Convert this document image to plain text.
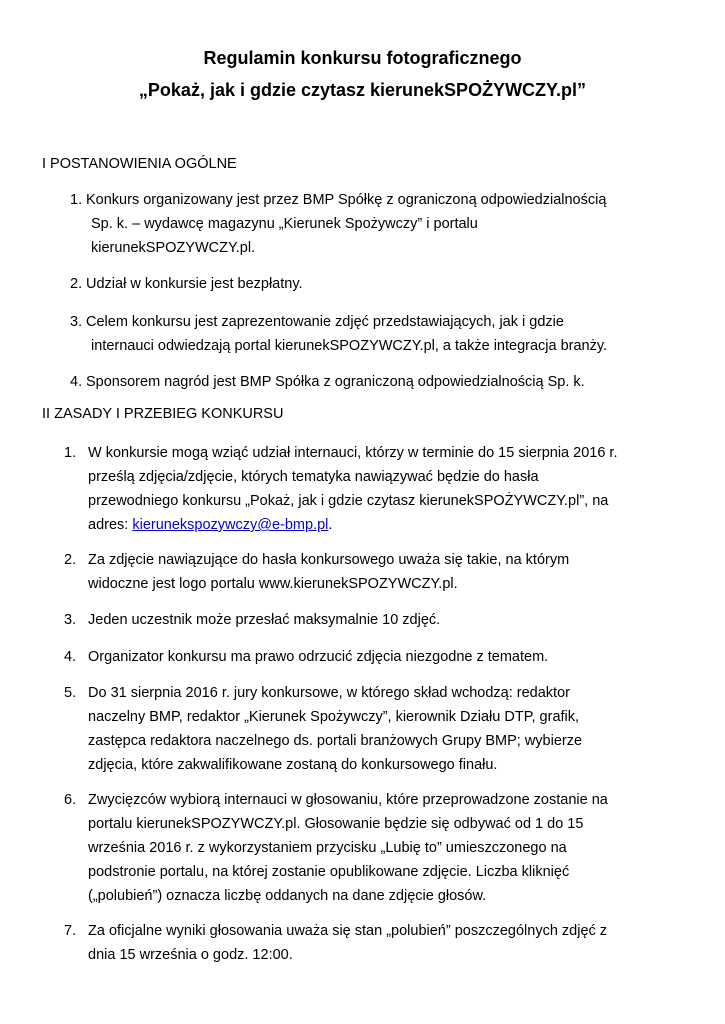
Regulamin konkursu fotograficznego
„Pokaż, jak i gdzie czytasz kierunekSPOŻYWCZY.pl”
I POSTANOWIENIA OGÓLNE
1. Konkurs organizowany jest przez BMP Spółkę z ograniczoną odpowiedzialnością
Sp. k. – wydawcę magazynu „Kierunek Spożywczy” i portalu
kierunekSPOZYWCZY.pl.
2. Udział w konkursie jest bezpłatny.
3. Celem konkursu jest zaprezentowanie zdjęć przedstawiających, jak i gdzie
internauci odwiedzają portal kierunekSPOZYWCZY.pl, a także integracja branży.
4. Sponsorem nagród jest BMP Spółka z ograniczoną odpowiedzialnością Sp. k.
II ZASADY I PRZEBIEG KONKURSU
1. W konkursie mogą wziąć udział internauci, którzy w terminie do 15 sierpnia 2016 r.
prześlą zdjęcia/zdjęcie, których tematyka nawiązywać będzie do hasła
przewodniego konkursu „Pokaż, jak i gdzie czytasz kierunekSPOŻYWCZY.pl”, na
adres: kierunekspozywczy@e-bmp.pl.
2. Za zdjęcie nawiązujące do hasła konkursowego uważa się takie, na którym
widoczne jest logo portalu www.kierunekSPOZYWCZY.pl.
3. Jeden uczestnik może przesłać maksymalnie 10 zdjęć.
4. Organizator konkursu ma prawo odrzucić zdjęcia niezgodne z tematem.
5. Do 31 sierpnia 2016 r. jury konkursowe, w którego skład wchodzą: redaktor
naczelny BMP, redaktor „Kierunek Spożywczy”, kierownik Działu DTP, grafik,
zastępca redaktora naczelnego ds. portali branżowych Grupy BMP; wybierze
zdjęcia, które zakwalifikowane zostaną do konkursowego finału.
6. Zwycięzców wybiorą internauci w głosowaniu, które przeprowadzone zostanie na
portalu kierunekSPOZYWCZY.pl. Głosowanie będzie się odbywać od 1 do 15
września 2016 r. z wykorzystaniem przycisku „Lubię to” umieszczonego na
podstronie portalu, na której zostanie opublikowane zdjęcie. Liczba kliknięć
(„polubień”) oznacza liczbę oddanych na dane zdjęcie głosów.
7. Za oficjalne wyniki głosowania uważa się stan „polubień” poszczególnych zdjęć z
dnia 15 września o godz. 12:00.
